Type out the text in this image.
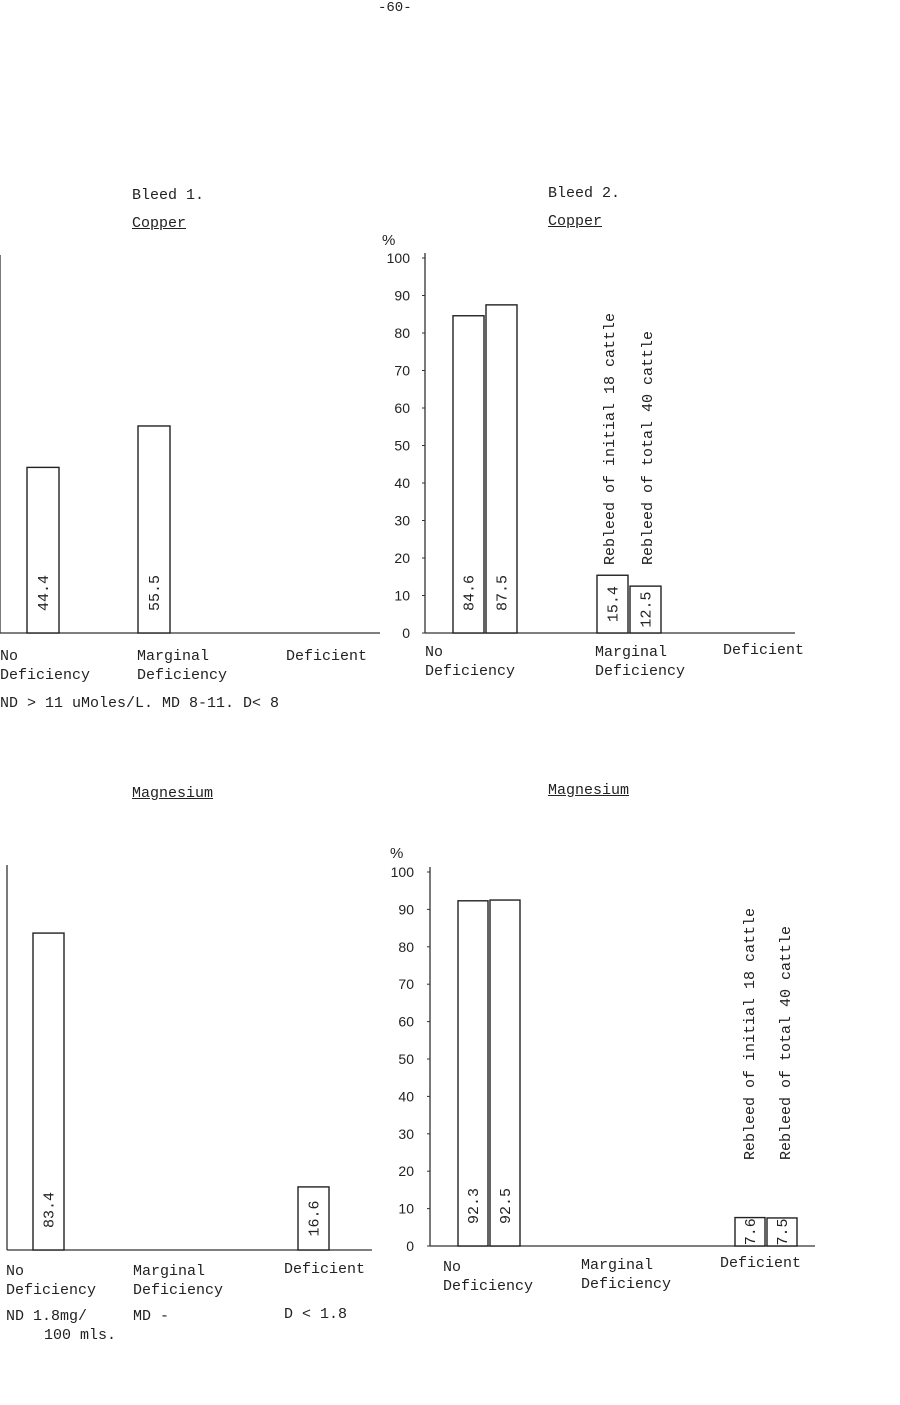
-60-
Bleed 1.
Copper
Bleed 2.
Copper
Magnesium	Magnesium
%
%
No Deficiency
Marginal Deficiency
Deficient	No Deficiency
Marginal Deficiency
Deficient
No Deficiency
Marginal Deficiency
Deficient	No Deficiency
Marginal Deficiency
Deficient
ND > 11 uMoles/L. MD 8-11. D< 8
ND 1.8mg/
100 mls.
MD -	D < 1.8
44.4	55.5
0
10
20
30
40
50
60
70
80
90
100
84.6 87.5	15.4 12.5
Rebleed of initial 18 cattle Rebleed of total 40 cattle
83.4	16.6
0
10
20
30
40
50
60
70
80
90
100
92.3 92.5
7.6 7.5
Rebleed of initial 18 cattle Rebleed of total 40 cattle
